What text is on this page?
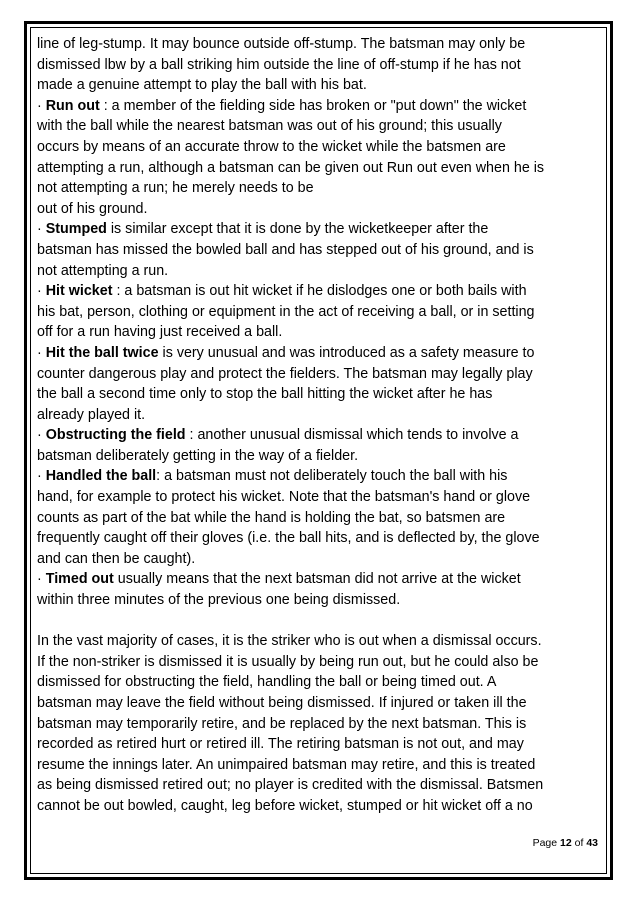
line of leg-stump. It may bounce outside off-stump. The batsman may only be
dismissed lbw by a ball striking him outside the line of off-stump if he has not
made a genuine attempt to play the ball with his bat.
· Run out : a member of the fielding side has broken or "put down" the wicket
with the ball while the nearest batsman was out of his ground; this usually
occurs by means of an accurate throw to the wicket while the batsmen are
attempting a run, although a batsman can be given out Run out even when he is
not attempting a run; he merely needs to be
out of his ground.
· Stumped is similar except that it is done by the wicketkeeper after the
batsman has missed the bowled ball and has stepped out of his ground, and is
not attempting a run.
· Hit wicket : a batsman is out hit wicket if he dislodges one or both bails with
his bat, person, clothing or equipment in the act of receiving a ball, or in setting
off for a run having just received a ball.
· Hit the ball twice is very unusual and was introduced as a safety measure to
counter dangerous play and protect the fielders. The batsman may legally play
the ball a second time only to stop the ball hitting the wicket after he has
already played it.
· Obstructing the field : another unusual dismissal which tends to involve a
batsman deliberately getting in the way of a fielder.
· Handled the ball: a batsman must not deliberately touch the ball with his
hand, for example to protect his wicket. Note that the batsman's hand or glove
counts as part of the bat while the hand is holding the bat, so batsmen are
frequently caught off their gloves (i.e. the ball hits, and is deflected by, the glove
and can then be caught).
· Timed out usually means that the next batsman did not arrive at the wicket
within three minutes of the previous one being dismissed.
In the vast majority of cases, it is the striker who is out when a dismissal occurs.
If the non-striker is dismissed it is usually by being run out, but he could also be
dismissed for obstructing the field, handling the ball or being timed out. A
batsman may leave the field without being dismissed. If injured or taken ill the
batsman may temporarily retire, and be replaced by the next batsman. This is
recorded as retired hurt or retired ill. The retiring batsman is not out, and may
resume the innings later. An unimpaired batsman may retire, and this is treated
as being dismissed retired out; no player is credited with the dismissal. Batsmen
cannot be out bowled, caught, leg before wicket, stumped or hit wicket off a no
Page 12 of 43
